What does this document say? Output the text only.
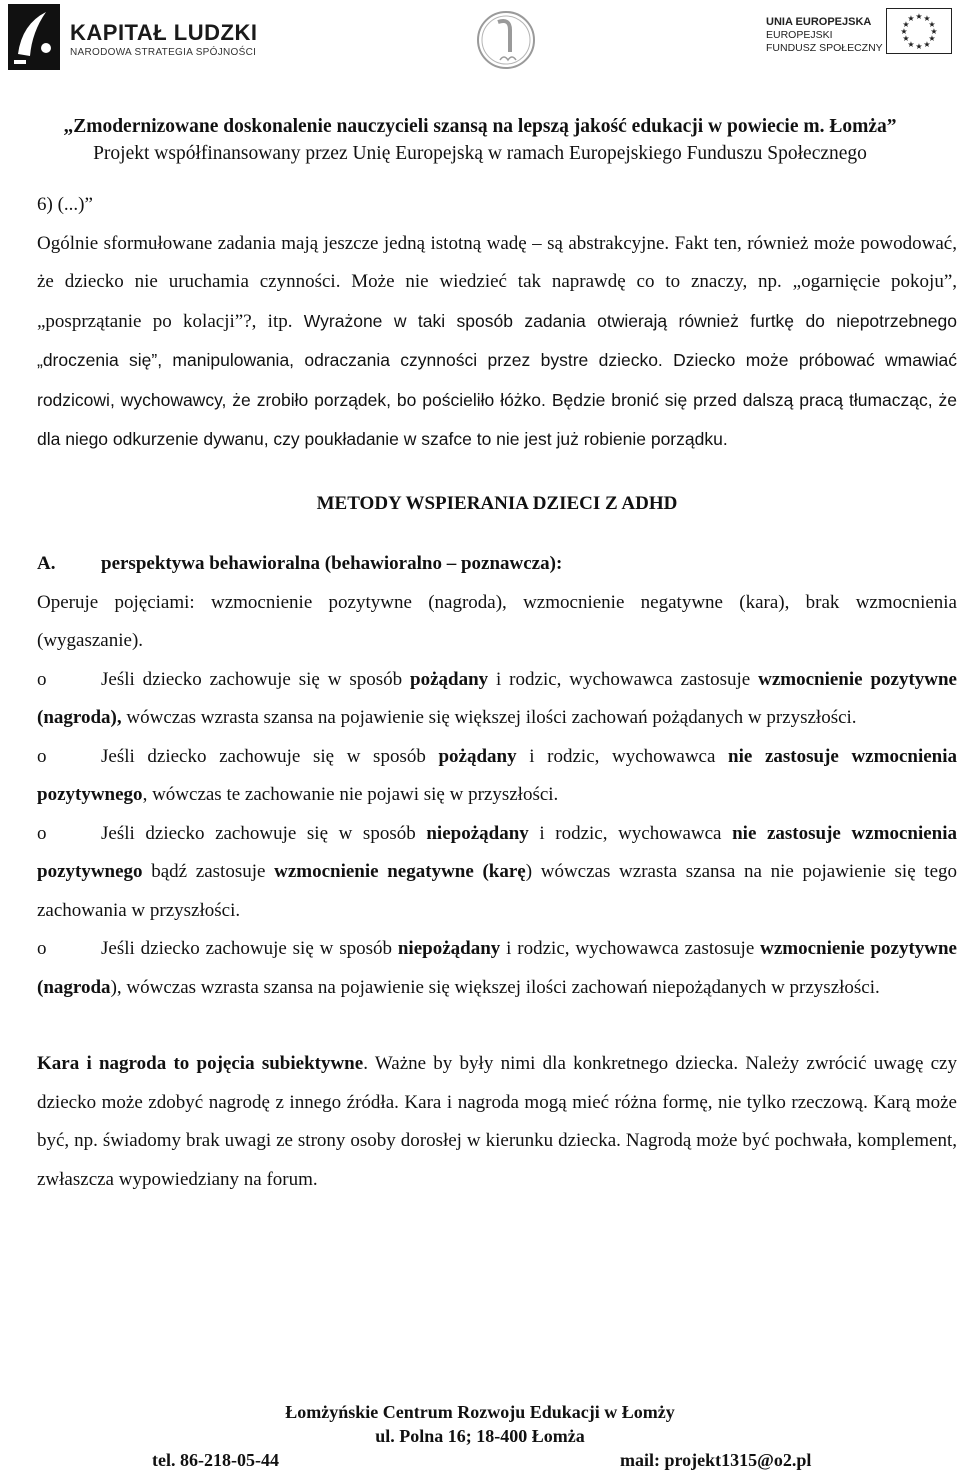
KAPITAŁ LUDZKI
NARODOWA STRATEGIA SPÓJNOŚCI
UNIA EUROPEJSKA
EUROPEJSKI
FUNDUSZ SPOŁECZNY
★ ★
★
★
★
★
★
★
★
★
★
★
„Zmodernizowane doskonalenie nauczycieli szansą na lepszą jakość edukacji w powiecie m. Łomża”
Projekt współfinansowany przez Unię Europejską w ramach Europejskiego Funduszu Społecznego

6) (...)”

Ogólnie sformułowane zadania mają jeszcze jedną istotną wadę – są abstrakcyjne. Fakt ten, również może powodować, że dziecko nie uruchamia czynności. Może nie wiedzieć tak naprawdę co to znaczy, np. „ogarnięcie pokoju”, „posprzątanie po kolacji”?, itp. Wyrażone w taki sposób zadania otwierają również furtkę do niepotrzebnego „droczenia się”, manipulowania, odraczania czynności przez bystre dziecko. Dziecko może próbować wmawiać rodzicowi, wychowawcy, że zrobiło porządek, bo pościeliło łóżko. Będzie bronić się przed dalszą pracą tłumacząc, że dla niego odkurzenie dywanu, czy poukładanie w szafce to nie jest już robienie porządku.

METODY WSPIERANIA DZIECI Z ADHD

A. perspektywa behawioralna (behawioralno – poznawcza):

Operuje pojęciami: wzmocnienie pozytywne (nagroda), wzmocnienie negatywne (kara), brak wzmocnienia (wygaszanie).

o	Jeśli dziecko zachowuje się w sposób pożądany i rodzic, wychowawca zastosuje wzmocnienie pozytywne (nagroda), wówczas wzrasta szansa na pojawienie się większej ilości zachowań pożądanych w przyszłości.

o	Jeśli dziecko zachowuje się w sposób pożądany i rodzic, wychowawca nie zastosuje wzmocnienia pozytywnego, wówczas te zachowanie nie pojawi się w przyszłości.

o	Jeśli dziecko zachowuje się w sposób niepożądany i rodzic, wychowawca nie zastosuje wzmocnienia pozytywnego bądź zastosuje wzmocnienie negatywne (karę) wówczas wzrasta szansa na nie pojawienie się tego zachowania w przyszłości.

o	Jeśli dziecko zachowuje się w sposób niepożądany i rodzic, wychowawca zastosuje wzmocnienie pozytywne (nagroda), wówczas wzrasta szansa na pojawienie się większej ilości zachowań niepożądanych w przyszłości.

Kara i nagroda to pojęcia subiektywne. Ważne by były nimi dla konkretnego dziecka. Należy zwrócić uwagę czy dziecko może zdobyć nagrodę z innego źródła. Kara i nagroda mogą mieć różna formę, nie tylko rzeczową. Karą może być, np. świadomy brak uwagi ze strony osoby dorosłej w kierunku dziecka. Nagrodą może być pochwała, komplement, zwłaszcza wypowiedziany na forum.

Łomżyńskie Centrum Rozwoju Edukacji w Łomży
ul. Polna 16; 18-400 Łomża
tel. 86-218-05-44	mail: projekt1315@o2.pl
